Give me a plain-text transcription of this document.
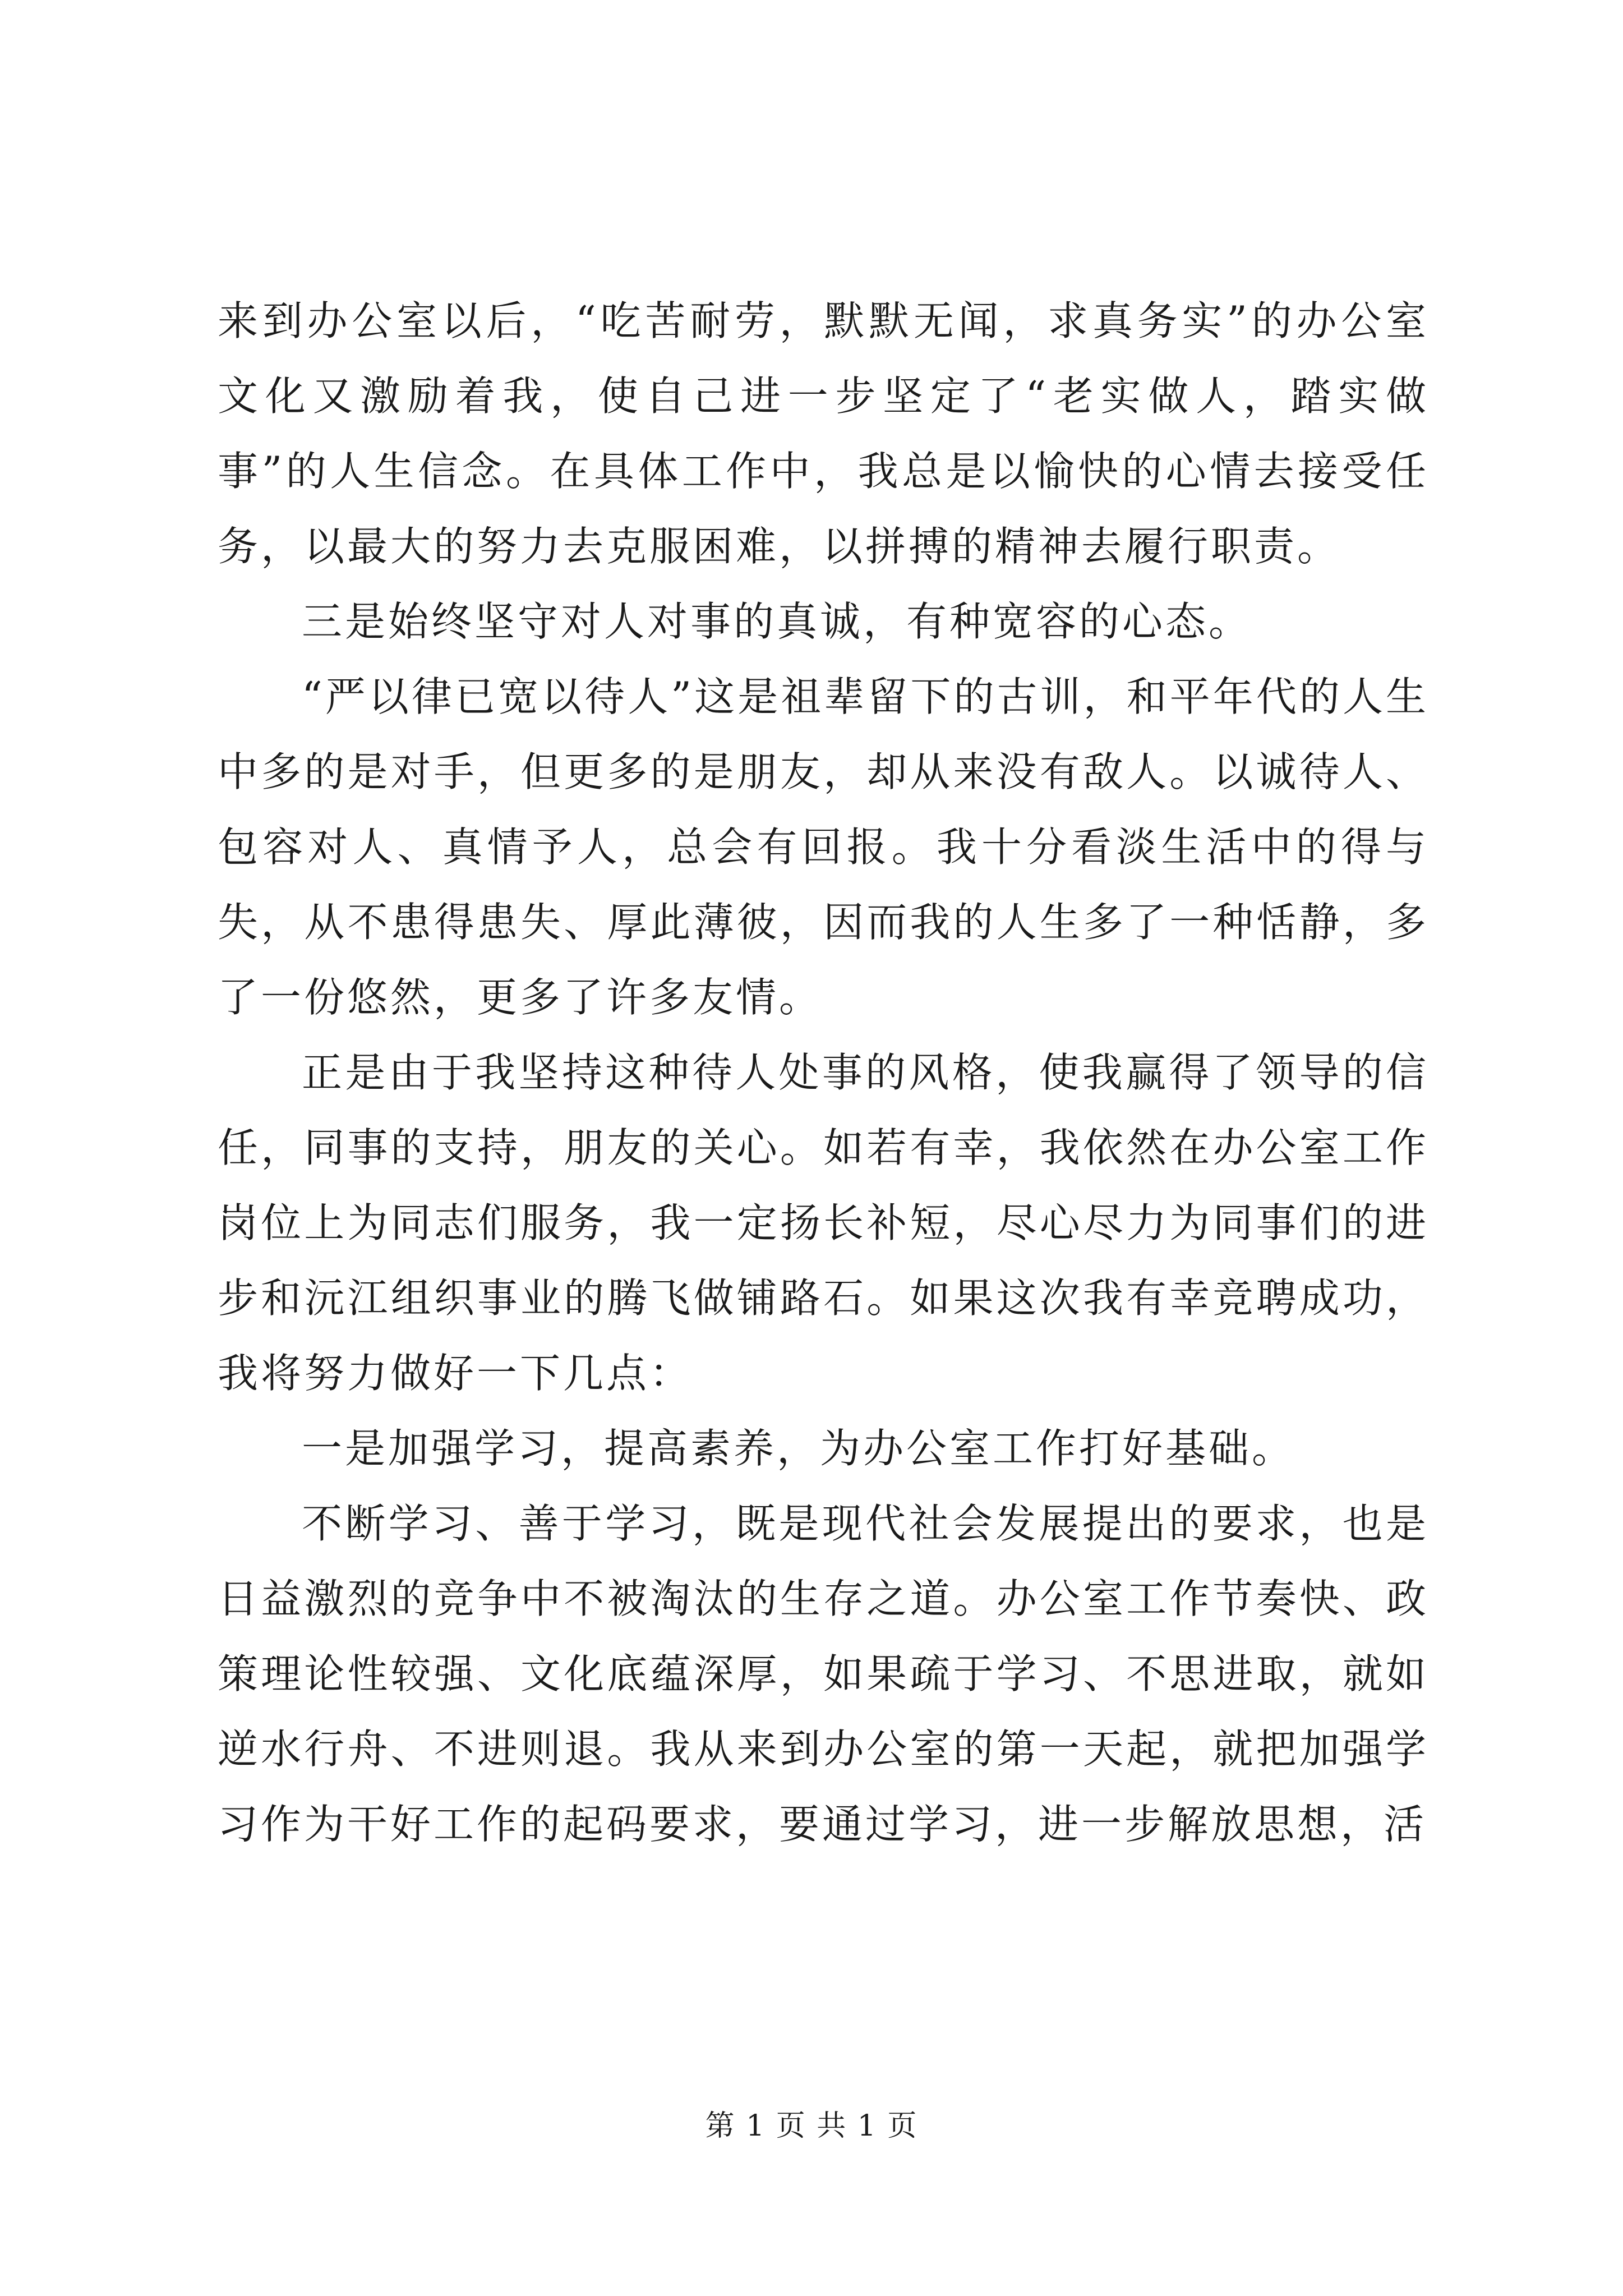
来到办公室以后，“吃苦耐劳，默默无闻，求真务实”的办公室文化又激励着我，使自己进一步坚定了“老实做人，踏实做事”的人生信念。在具体工作中，我总是以愉快的心情去接受任务，以最大的努力去克服困难，以拼搏的精神去履行职责。

三是始终坚守对人对事的真诚，有种宽容的心态。

“严以律已宽以待人”这是祖辈留下的古训，和平年代的人生中多的是对手，但更多的是朋友，却从来没有敌人。以诚待人、包容对人、真情予人，总会有回报。我十分看淡生活中的得与失，从不患得患失、厚此薄彼，因而我的人生多了一种恬静，多了一份悠然，更多了许多友情。

正是由于我坚持这种待人处事的风格，使我赢得了领导的信任，同事的支持，朋友的关心。如若有幸，我依然在办公室工作岗位上为同志们服务，我一定扬长补短，尽心尽力为同事们的进步和沅江组织事业的腾飞做铺路石。如果这次我有幸竞聘成功，我将努力做好一下几点：

一是加强学习，提高素养，为办公室工作打好基础。

不断学习、善于学习，既是现代社会发展提出的要求，也是日益激烈的竞争中不被淘汰的生存之道。办公室工作节奏快、政策理论性较强、文化底蕴深厚，如果疏于学习、不思进取，就如逆水行舟、不进则退。我从来到办公室的第一天起，就把加强学习作为干好工作的起码要求，要通过学习，进一步解放思想，活

第 1 页 共 1 页
